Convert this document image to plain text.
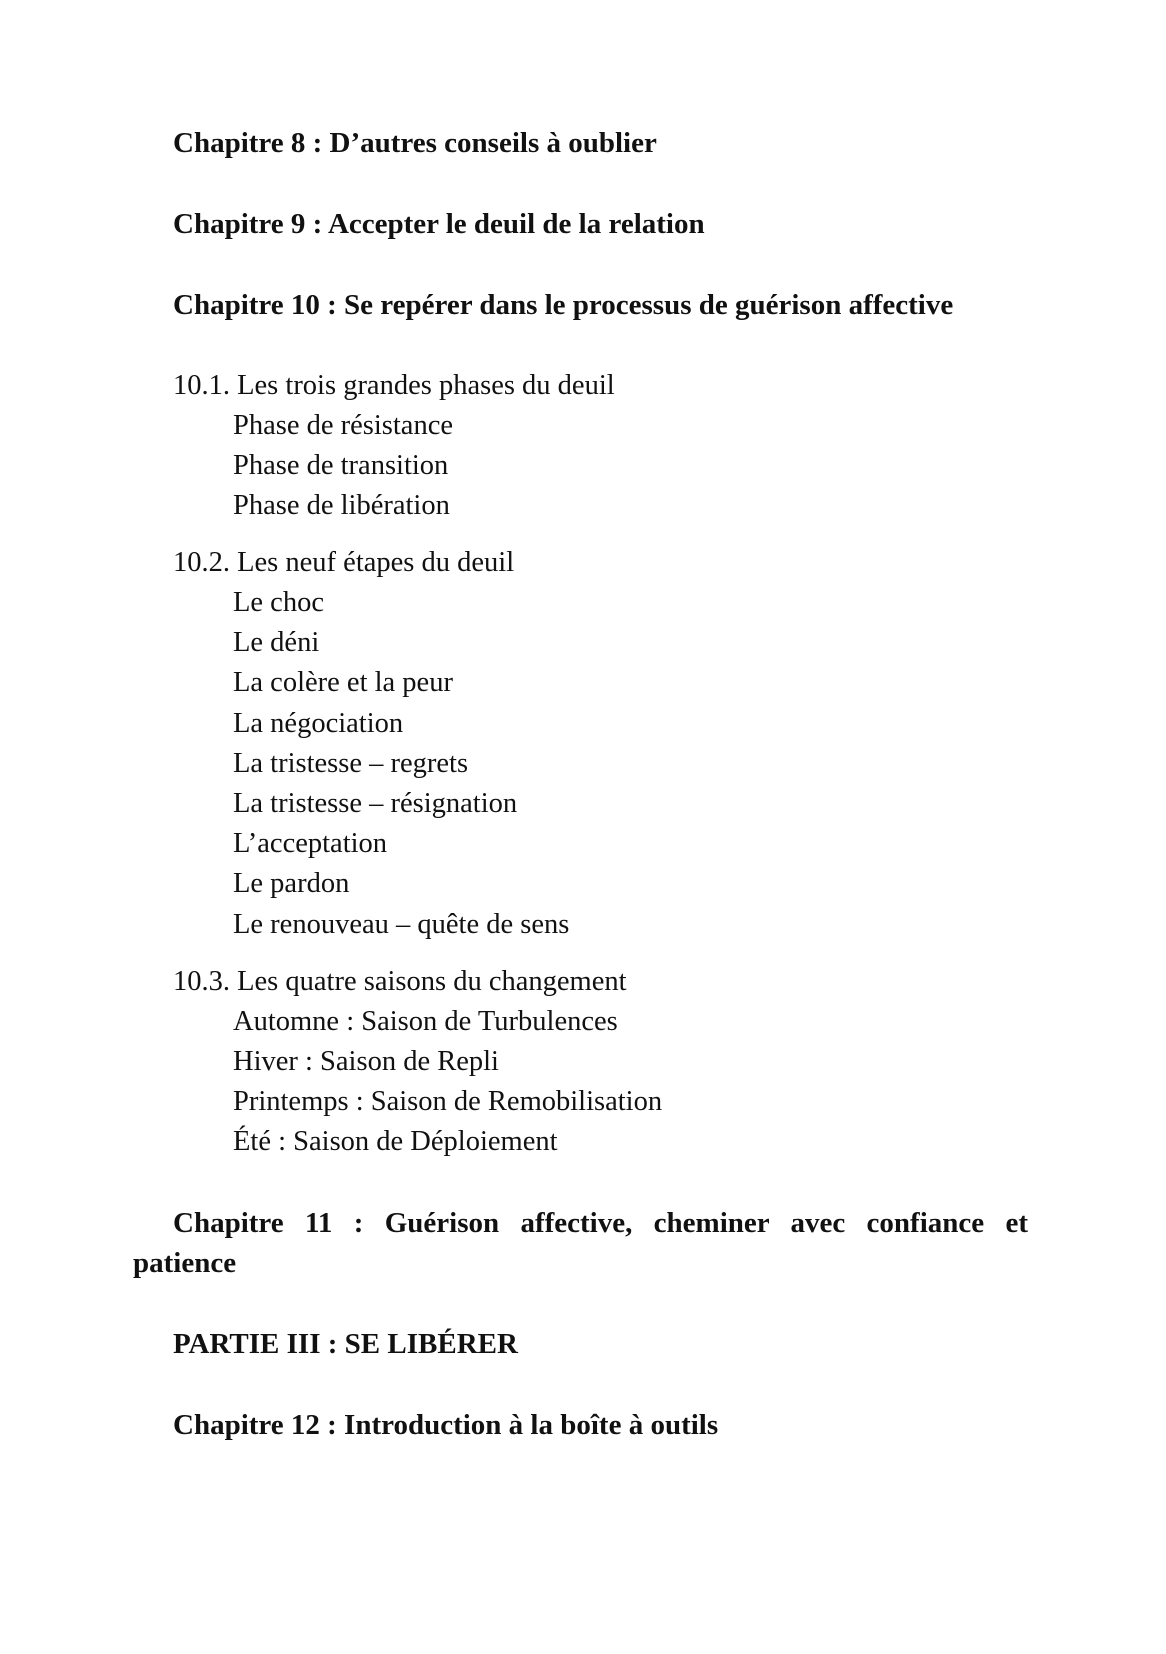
Chapitre 8 : D’autres conseils à oublier
Chapitre 9 : Accepter le deuil de la relation
Chapitre 10 : Se repérer dans le processus de guérison affective
10.1. Les trois grandes phases du deuil
Phase de résistance
Phase de transition
Phase de libération
10.2. Les neuf étapes du deuil
Le choc
Le déni
La colère et la peur
La négociation
La tristesse – regrets
La tristesse – résignation
L’acceptation
Le pardon
Le renouveau – quête de sens
10.3. Les quatre saisons du changement
Automne : Saison de Turbulences
Hiver : Saison de Repli
Printemps : Saison de Remobilisation
Été : Saison de Déploiement
Chapitre 11 : Guérison affective, cheminer avec confiance et
patience
PARTIE III : SE LIBÉRER
Chapitre 12 : Introduction à la boîte à outils
